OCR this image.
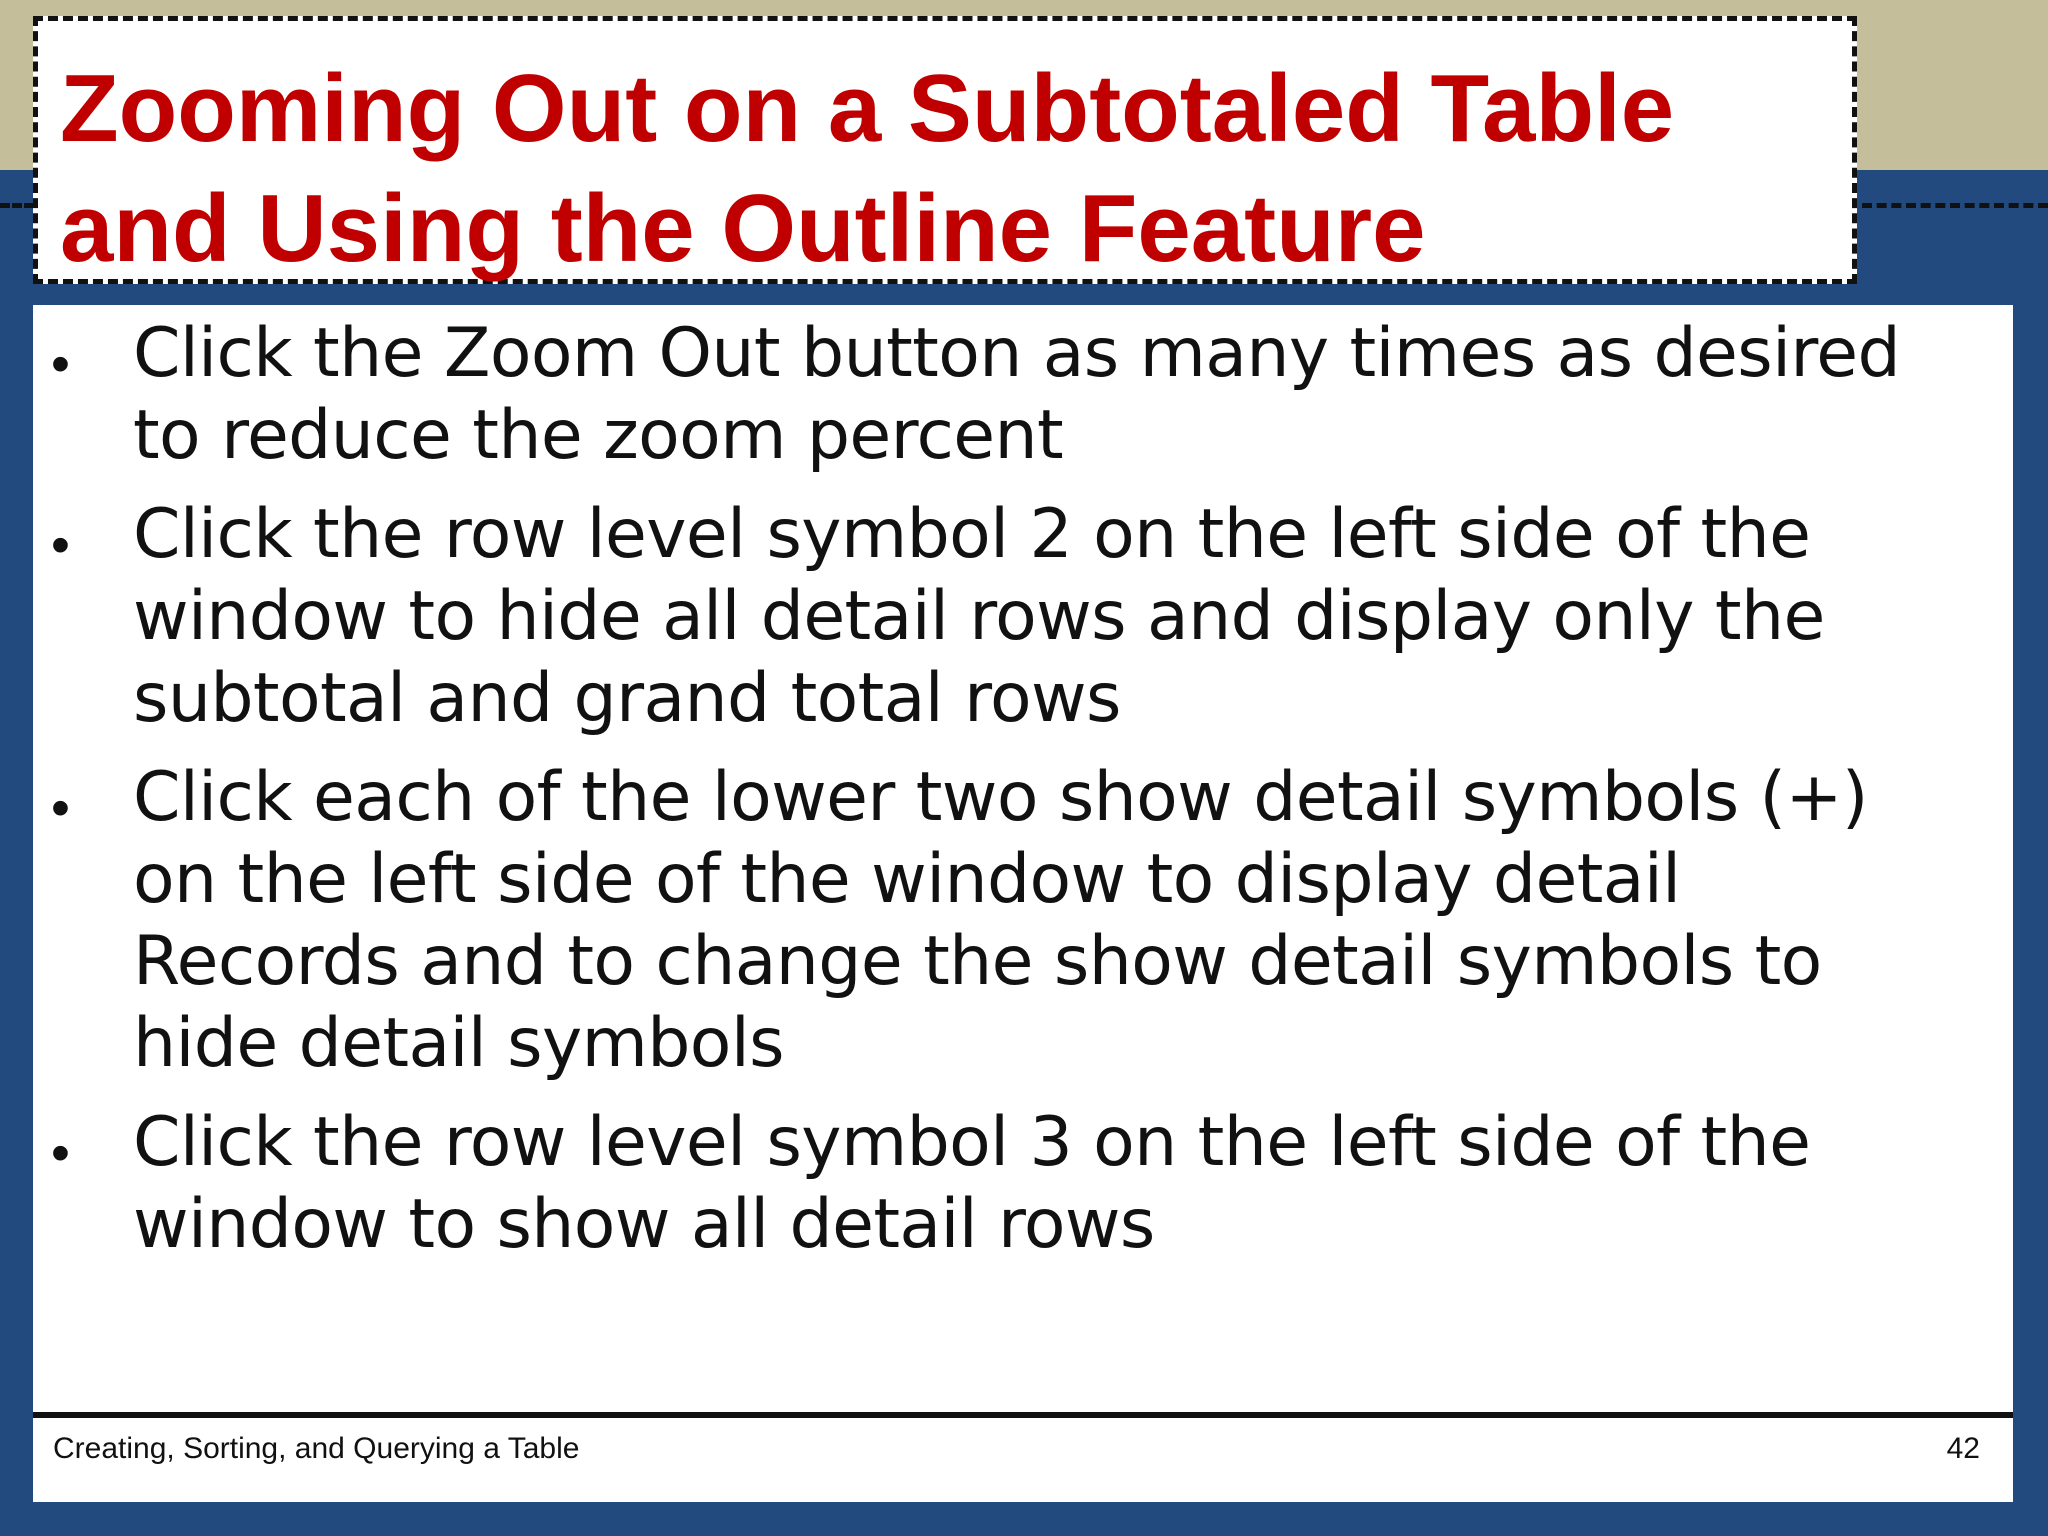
• Click the Zoom Out button as many times as desired
to reduce the zoom percent
• Click the row level symbol 2 on the left side of the
window to hide all detail rows and display only the
subtotal and grand total rows
• Click each of the lower two show detail symbols (+)
on the left side of the window to display detail
Records and to change the show detail symbols to
hide detail symbols
• Click the row level symbol 3 on the left side of the
window to show all detail rows
Creating, Sorting, and Querying a Table	42
Zooming Out on a Subtotaled Table
and Using the Outline Feature
